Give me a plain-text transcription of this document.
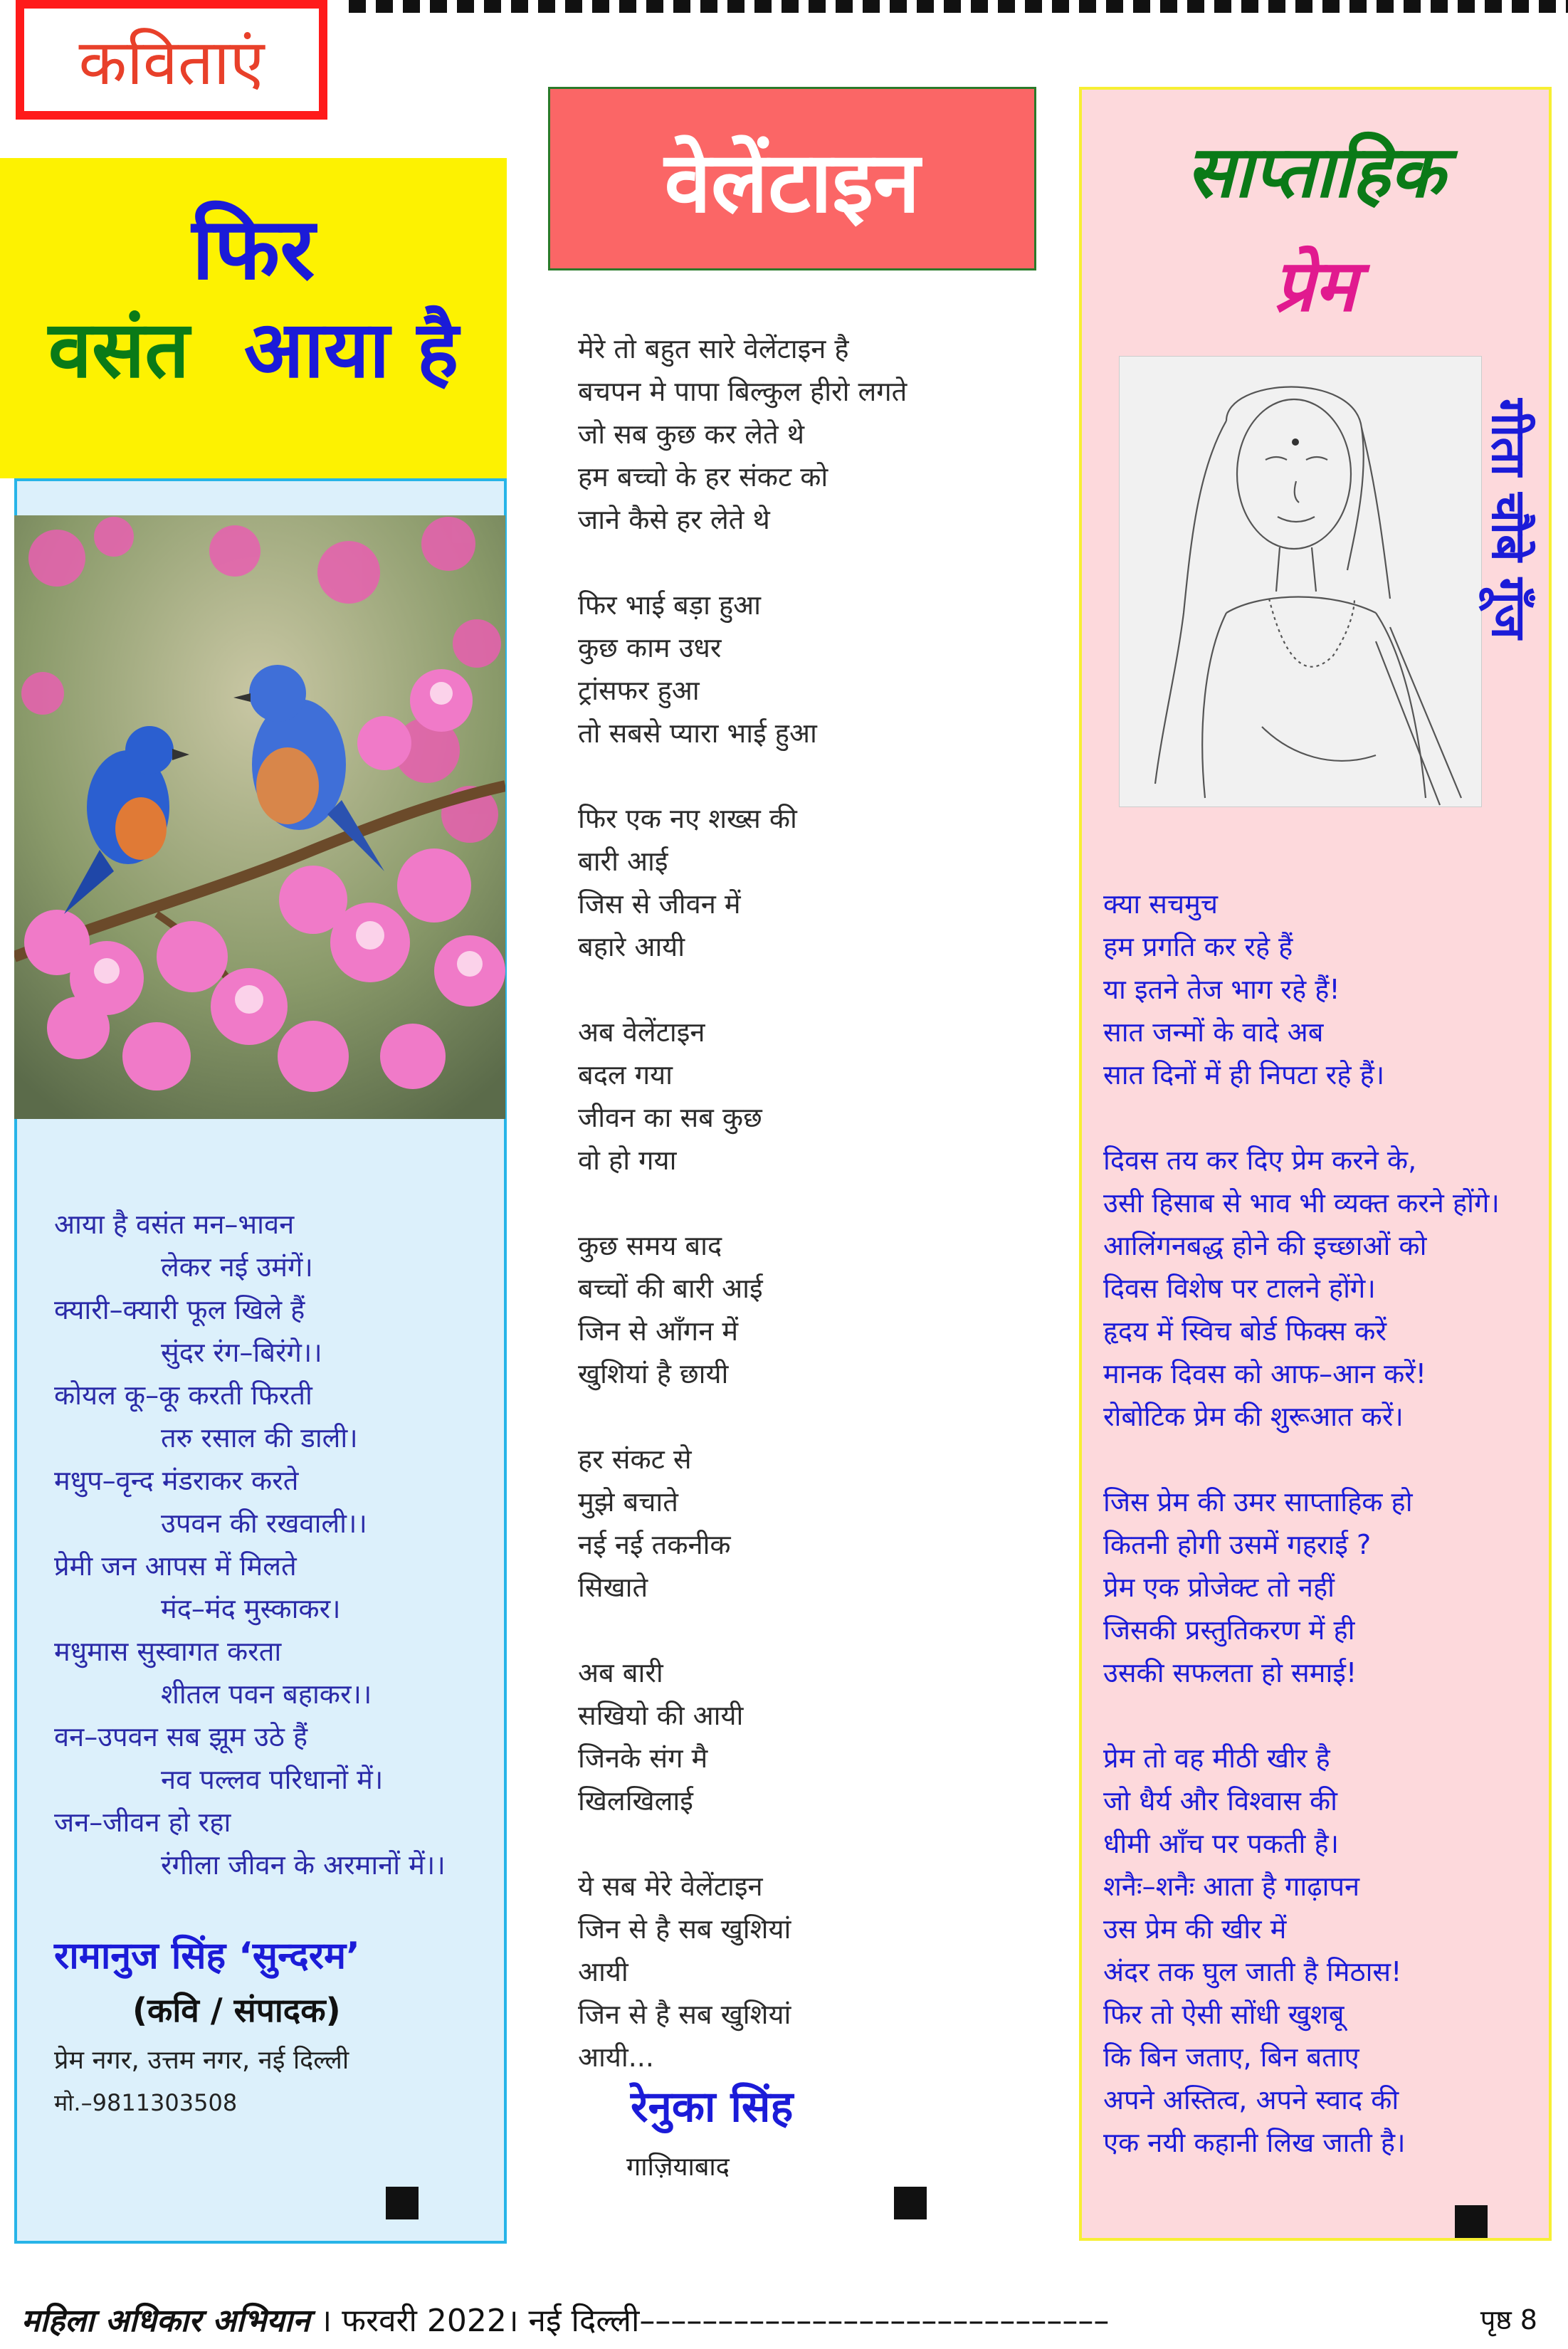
कविताएं
फिर
वसंत आया है
आया है वसंत मन–भावन
लेकर नई उमंगें।
क्यारी–क्यारी फूल खिले हैं
सुंदर रंग–बिरंगे।।
कोयल कू–कू करती फिरती
तरु रसाल की डाली।
मधुप–वृन्द मंडराकर करते
उपवन की रखवाली।।
प्रेमी जन आपस में मिलते
मंद–मंद मुस्काकर।
मधुमास सुस्वागत करता
शीतल पवन बहाकर।।
वन–उपवन सब झूम उठे हैं
नव पल्लव परिधानों में।
जन–जीवन हो रहा
रंगीला जीवन के अरमानों में।।
रामानुज सिंह ‘सुन्दरम’
(कवि / संपादक)
प्रेम नगर, उत्तम नगर, नई दिल्ली
मो.–9811303508
वेलेंटाइन
मेरे तो बहुत सारे वेलेंटाइन है
बचपन मे पापा बिल्कुल हीरो लगते
जो सब कुछ कर लेते थे
हम बच्चो के हर संकट को
जाने कैसे हर लेते थे
फिर भाई बड़ा हुआ
कुछ काम उधर
ट्रांसफर हुआ
तो सबसे प्यारा भाई हुआ
फिर एक नए शख्स की
बारी आई
जिस से जीवन में
बहारे आयी
अब वेलेंटाइन
बदल गया
जीवन का सब कुछ
वो हो गया
कुछ समय बाद
बच्चों की बारी आई
जिन से आँगन में
खुशियां है छायी
हर संकट से
मुझे बचाते
नई नई तकनीक
सिखाते
अब बारी
सखियो की आयी
जिनके संग मै
खिलखिलाई
ये सब मेरे वेलेंटाइन
जिन से है सब खुशियां
आयी
जिन से है सब खुशियां
आयी...
रेनुका सिंह
गाज़ियाबाद
साप्ताहिक
प्रेम
गीता चौबे गूँज
क्या सचमुच
हम प्रगति कर रहे हैं
या इतने तेज भाग रहे हैं!
सात जन्मों के वादे अब
सात दिनों में ही निपटा रहे हैं।
दिवस तय कर दिए प्रेम करने के,
उसी हिसाब से भाव भी व्यक्त करने होंगे।
आलिंगनबद्ध होने की इच्छाओं को
दिवस विशेष पर टालने होंगे।
हृदय में स्विच बोर्ड फिक्स करें
मानक दिवस को आफ–आन करें!
रोबोटिक प्रेम की शुरूआत करें।
जिस प्रेम की उमर साप्ताहिक हो
कितनी होगी उसमें गहराई ?
प्रेम एक प्रोजेक्ट तो नहीं
जिसकी प्रस्तुतिकरण में ही
उसकी सफलता हो समाई!
प्रेम तो वह मीठी खीर है
जो धैर्य और विश्वास की
धीमी आँच पर पकती है।
शनैः–शनैः आता है गाढ़ापन
उस प्रेम की खीर में
अंदर तक घुल जाती है मिठास!
फिर तो ऐसी सोंधी खुशबू
कि बिन जताए, बिन बताए
अपने अस्तित्व, अपने स्वाद की
एक नयी कहानी लिख जाती है।
महिला अधिकार अभियान । फरवरी 2022। नई दिल्ली––––––––––––––––––––––––––––––	पृष्ठ 8
